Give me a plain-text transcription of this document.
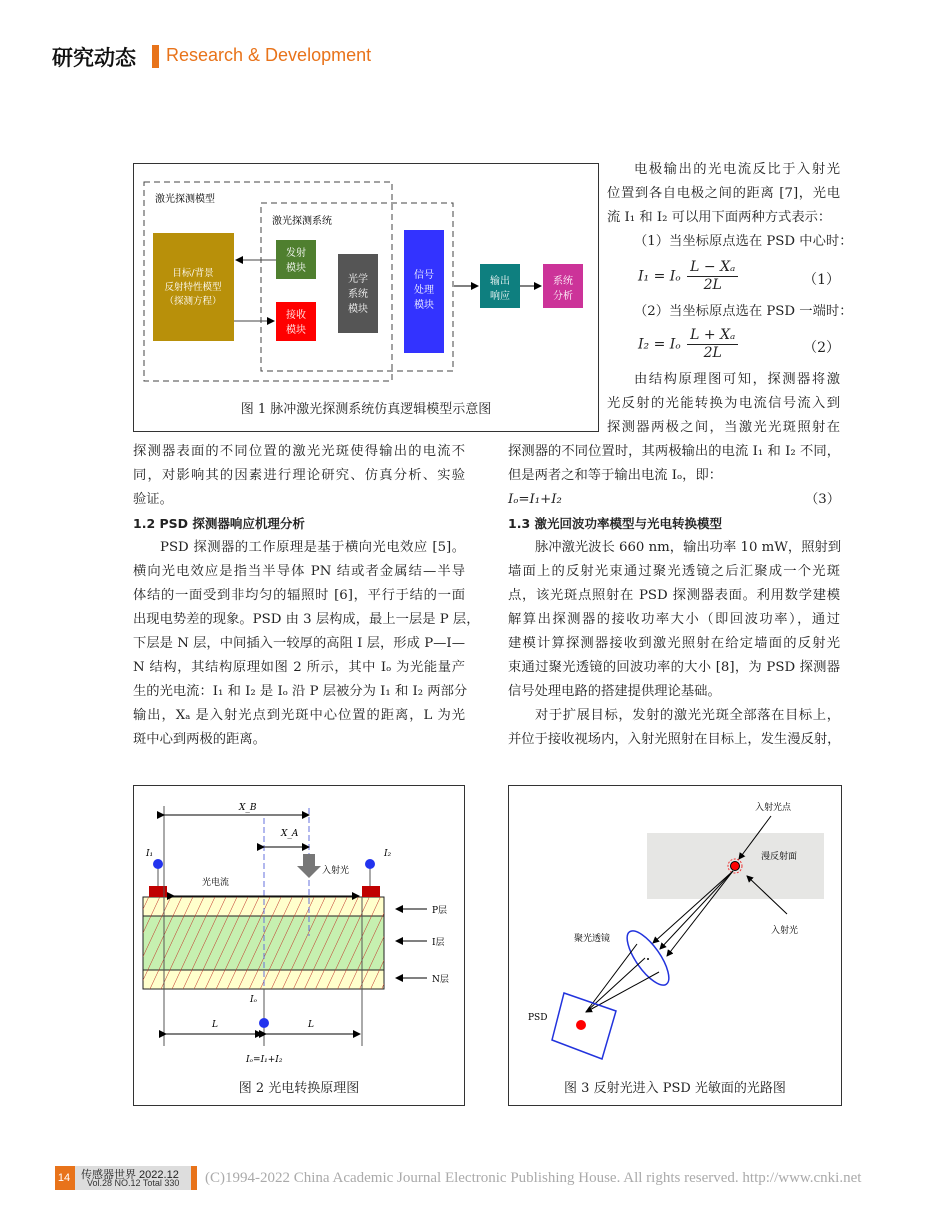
研究动态 Research & Development
激光探测模型
激光探测系统
目标/背景
反射特性模型
（探测方程）
发射
模块
接收
模块
光学
系统
模块
信号
处理
模块
输出
响应
系统
分析
图 1 脉冲激光探测系统仿真逻辑模型示意图
探测器表面的不同位置的激光光斑使得输出的电流不
同，对影响其的因素进行理论研究、仿真分析、实验
验证。
1.2 PSD 探测器响应机理分析
PSD 探测器的工作原理是基于横向光电效应 [5]。
横向光电效应是指当半导体 PN 结或者金属结—半导
体结的一面受到非均匀的辐照时 [6]，平行于结的一面
出现电势差的现象。PSD 由 3 层构成，最上一层是 P 层，
下层是 N 层，中间插入一较厚的高阻 I 层，形成 P—I—
N 结构，其结构原理如图 2 所示，其中 Iₒ 为光能量产
生的光电流：I₁ 和 I₂ 是 Iₒ 沿 P 层被分为 I₁ 和 I₂ 两部分
输出，Xₐ 是入射光点到光斑中心位置的距离，L 为光
斑中心到两极的距离。
电极输出的光电流反比于入射光
位置到各自电极之间的距离 [7]，光电
流 I₁ 和 I₂ 可以用下面两种方式表示：
（1）当坐标原点选在 PSD 中心时：
I₁ = Iₒ $\frac{\text{L − Xₐ}}{2L}$	（1）
（2）当坐标原点选在 PSD 一端时：
I₂ = Iₒ $\frac{\text{L + Xₐ}}{2L}$	（2）
由结构原理图可知，探测器将激
光反射的光能转换为电流信号流入到
探测器两极之间，当激光光斑照射在
探测器的不同位置时，其两极输出的电流 I₁ 和 I₂ 不同，
但是两者之和等于输出电流 Iₒ，即：
Iₒ=I₁+I₂	（3）
1.3 激光回波功率模型与光电转换模型
脉冲激光波长 660 nm，输出功率 10 mW，照射到
墙面上的反射光束通过聚光透镜之后汇聚成一个光斑
点，该光斑点照射在 PSD 探测器表面。利用数学建模
解算出探测器的接收功率大小（即回波功率），通过
建模计算探测器接收到激光照射在给定墙面的反射光
束通过聚光透镜的回波功率的大小 [8]，为 PSD 探测器
信号处理电路的搭建提供理论基础。
对于扩展目标，发射的激光光斑全部落在目标上，
并位于接收视场内，入射光照射在目标上，发生漫反射，
X_B
X_A
I₁	I₂
光电流
入射光
P层
I层
N层
Iₒ
L	L
Iₒ=I₁+I₂
图 2 光电转换原理图
入射光点
漫反射面
入射光
聚光透镜
PSD
图 3 反射光进入 PSD 光敏面的光路图
(C)1994-2022 China Academic Journal Electronic Publishing House. All rights reserved. http://www.cnki.net
14 传感器世界 2022.12
Vol.28 NO.12 Total 330
